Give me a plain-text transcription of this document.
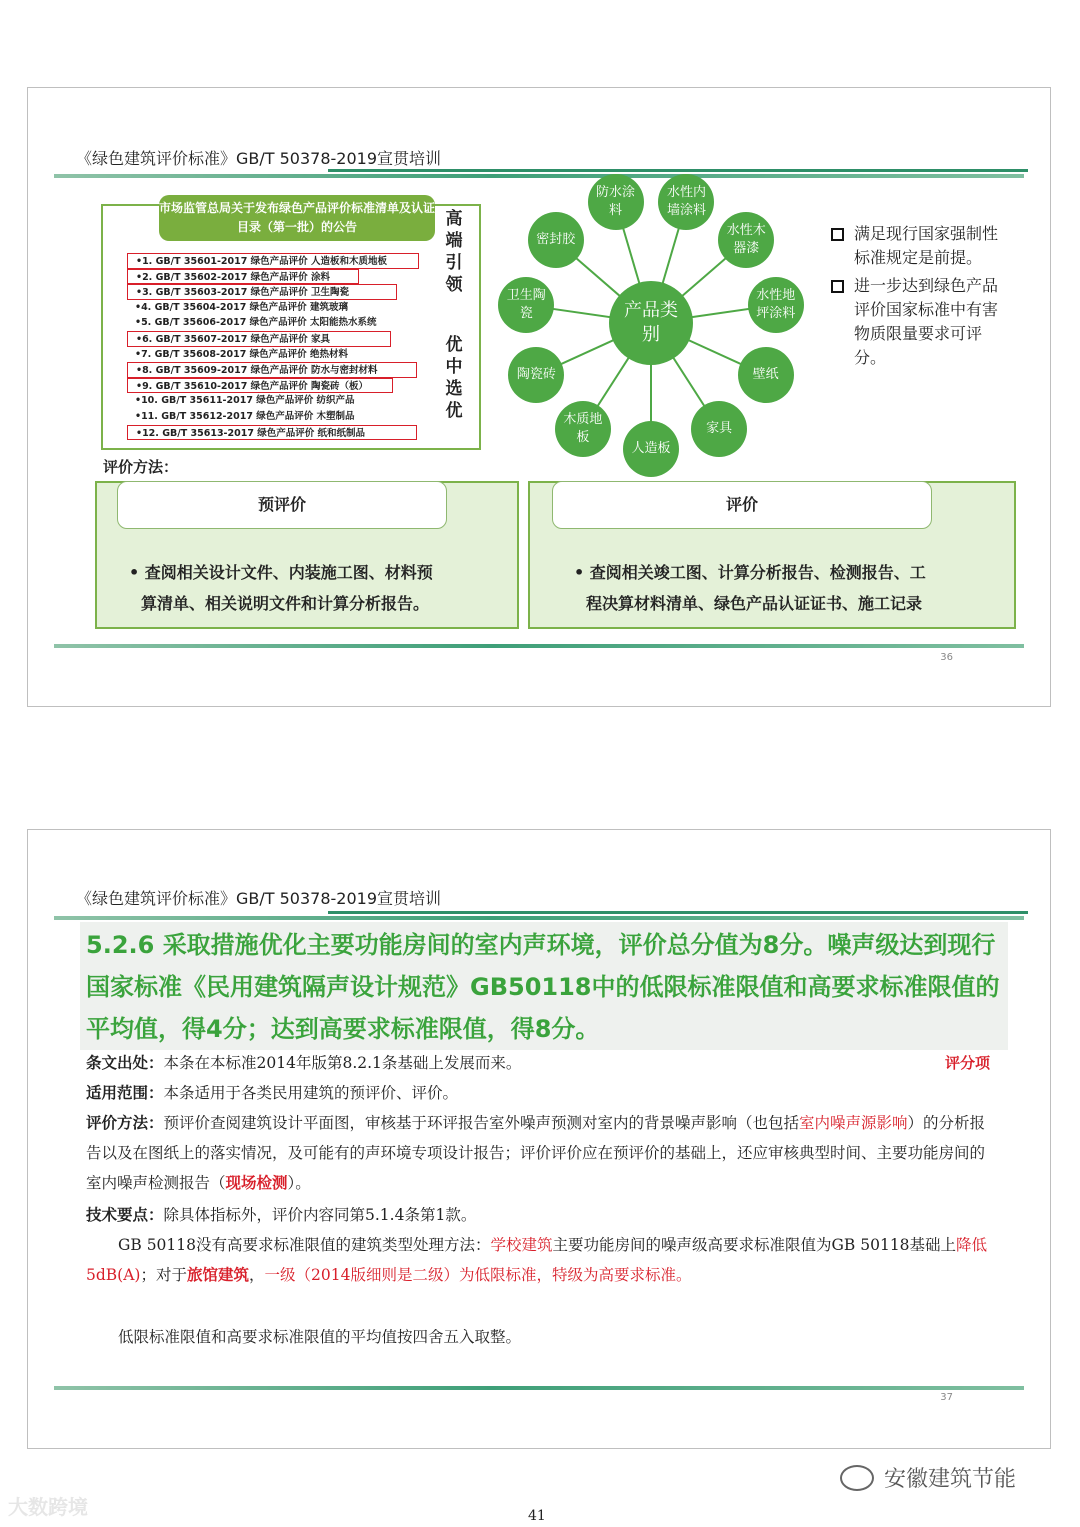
《绿色建筑评价标准》GB/T 50378-2019宣贯培训
市场监管总局关于发布绿色产品评价标准清单及认证目录（第一批）的公告
•1. GB/T 35601-2017 绿色产品评价 人造板和木质地板
•2. GB/T 35602-2017 绿色产品评价 涂料
•3. GB/T 35603-2017 绿色产品评价 卫生陶瓷
•4. GB/T 35604-2017 绿色产品评价 建筑玻璃
•5. GB/T 35606-2017 绿色产品评价 太阳能热水系统
•6. GB/T 35607-2017 绿色产品评价 家具
•7. GB/T 35608-2017 绿色产品评价 绝热材料
•8. GB/T 35609-2017 绿色产品评价 防水与密封材料
•9. GB/T 35610-2017 绿色产品评价 陶瓷砖（板）
•10. GB/T 35611-2017 绿色产品评价 纺织产品
•11. GB/T 35612-2017 绿色产品评价 木塑制品
•12. GB/T 35613-2017 绿色产品评价 纸和纸制品
高
端
引
领
优
中
选
优
产品类别
水性内墙涂料
水性木器漆
水性地坪涂料
壁纸
家具
人造板
木质地板
陶瓷砖
卫生陶瓷
密封胶
防水涂料
满足现行国家强制性标准规定是前提。
进一步达到绿色产品评价国家标准中有害物质限量要求可评分。
评价方法：
预评价
• 查阅相关设计文件、内装施工图、材料预
算清单、相关说明文件和计算分析报告。
评价
• 查阅相关竣工图、计算分析报告、检测报告、工
程决算材料清单、绿色产品认证证书、施工记录
36
《绿色建筑评价标准》GB/T 50378-2019宣贯培训
5.2.6 采取措施优化主要功能房间的室内声环境，评价总分值为8分。噪声级达到现行国家标准《民用建筑隔声设计规范》GB50118中的低限标准限值和高要求标准限值的平均值，得4分；达到高要求标准限值，得8分。
评分项
条文出处：本条在本标准2014年版第8.2.1条基础上发展而来。
适用范围：本条适用于各类民用建筑的预评价、评价。
评价方法：预评价查阅建筑设计平面图，审核基于环评报告室外噪声预测对室内的背景噪声影响（也包括室内噪声源影响）的分析报告以及在图纸上的落实情况，及可能有的声环境专项设计报告；评价评价应在预评价的基础上，还应审核典型时间、主要功能房间的室内噪声检测报告（现场检测）。
技术要点：除具体指标外，评价内容同第5.1.4条第1款。
GB 50118没有高要求标准限值的建筑类型处理方法：学校建筑主要功能房间的噪声级高要求标准限值为GB 50118基础上降低5dB(A)；对于旅馆建筑，一级（2014版细则是二级）为低限标准，特级为高要求标准。
低限标准限值和高要求标准限值的平均值按四舍五入取整。
37
大数跨境
安徽建筑节能
41
